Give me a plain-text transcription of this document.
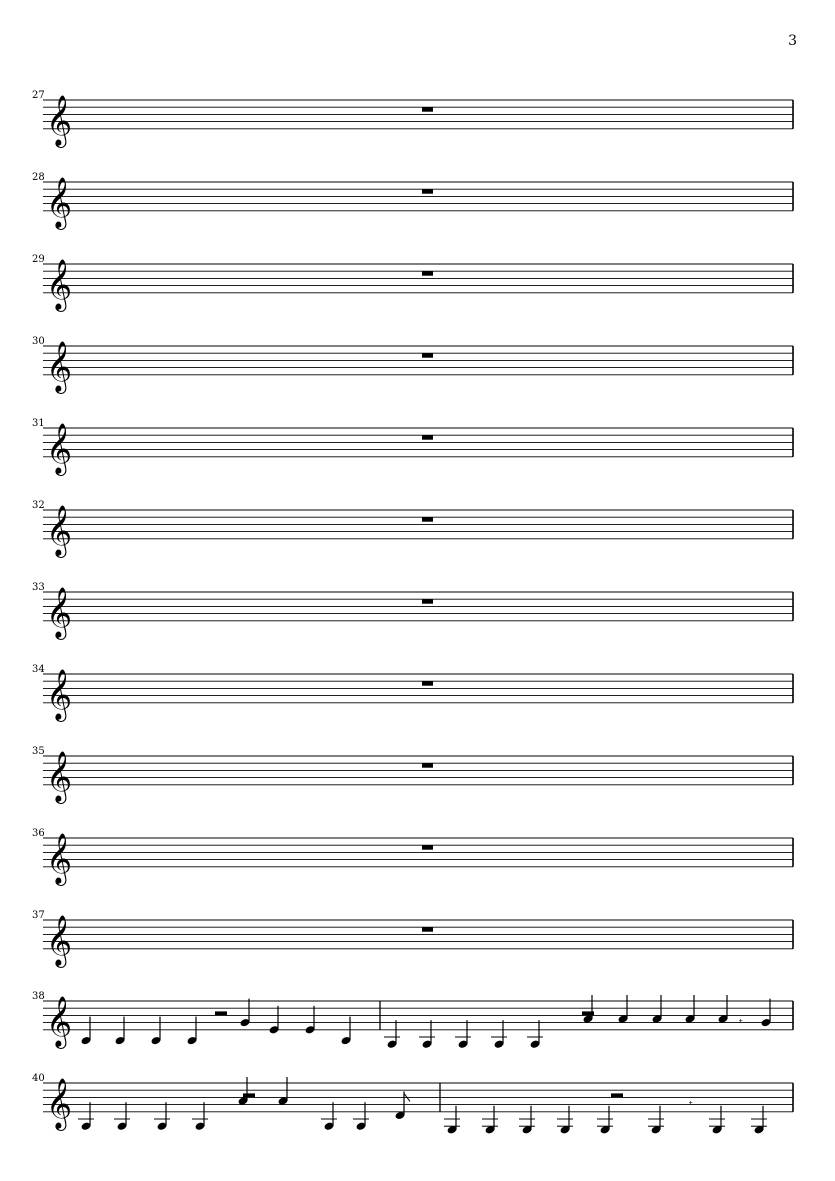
3
𝄞
27
𝄞
28
𝄞
29
𝄞
30
𝄞
31
𝄞
32
𝄞
33
𝄞
34
𝄞
35
𝄞
36
𝄞
37
𝄞
38
𝄞
40
𝅄
𝅄
